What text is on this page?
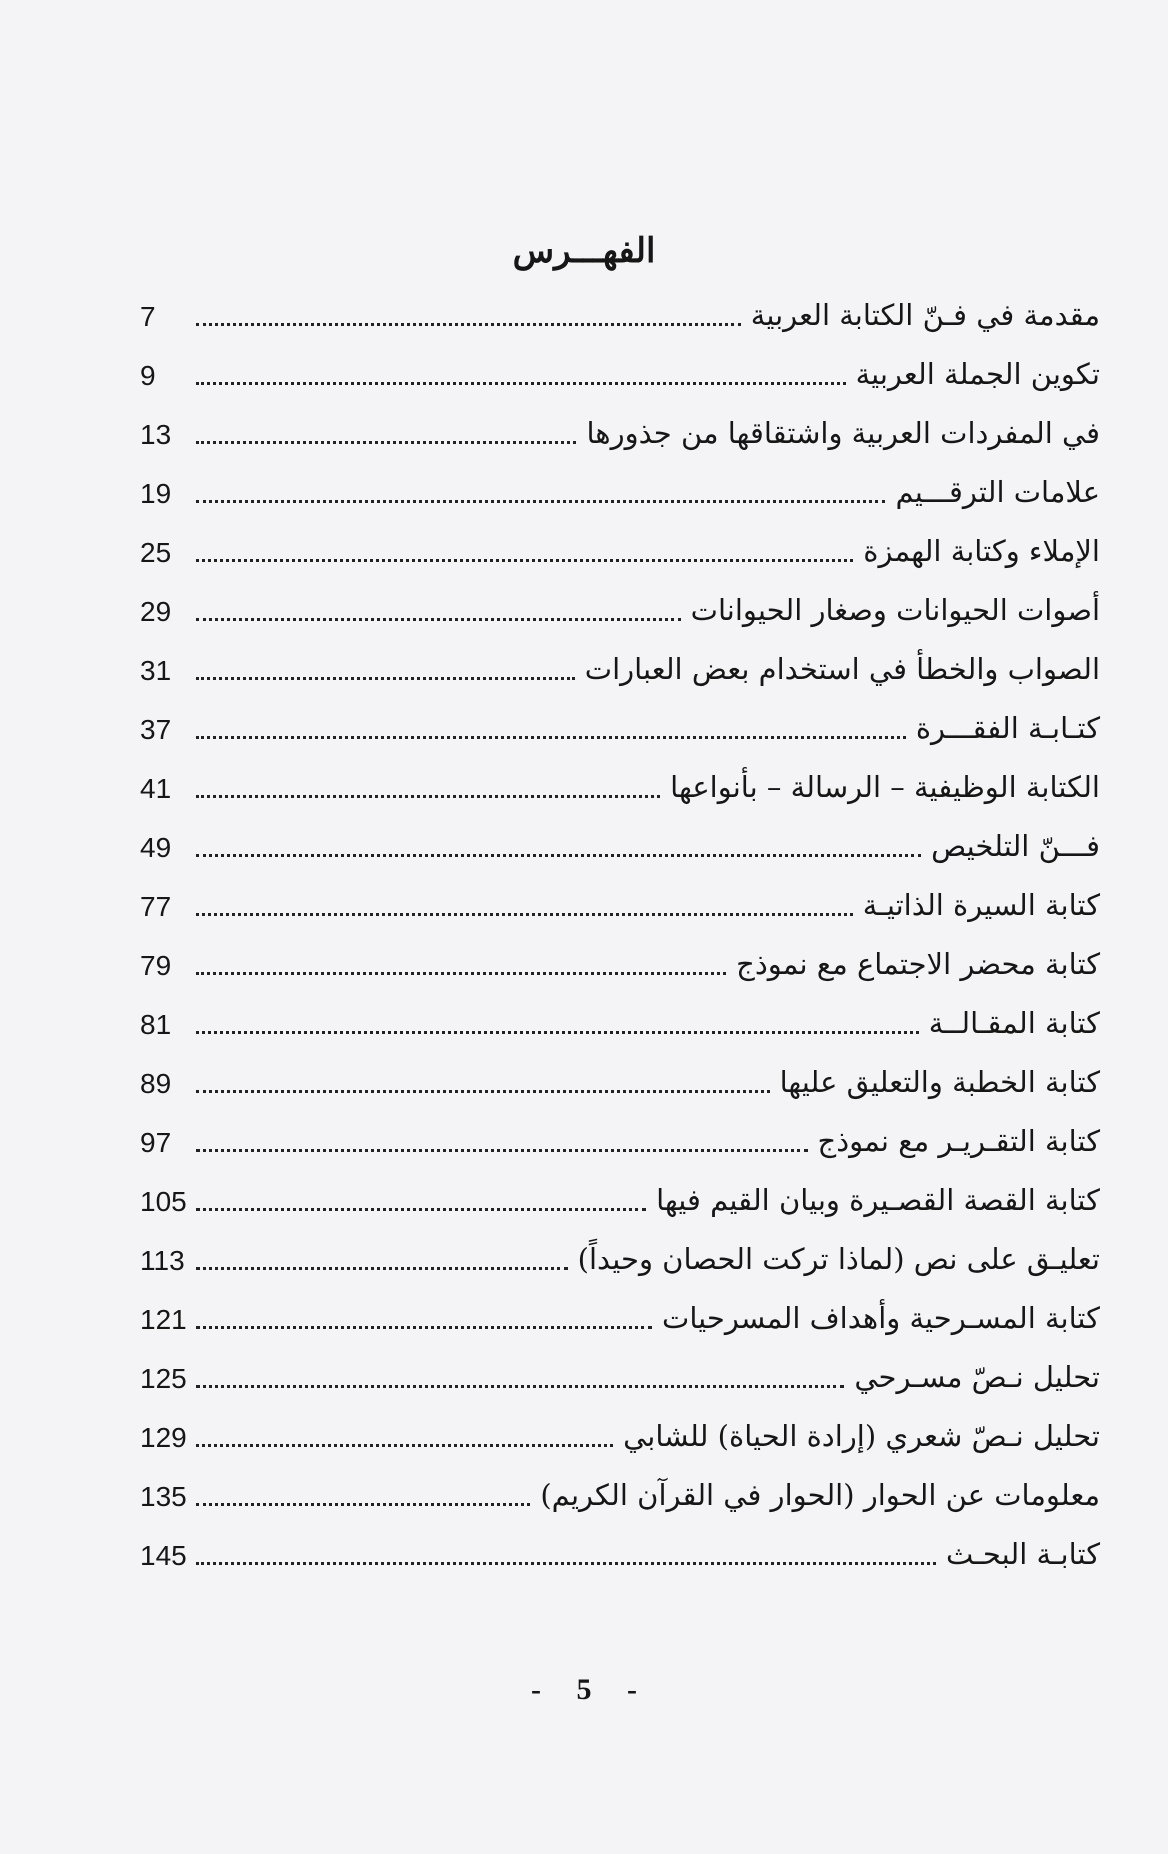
الفهـــرس
7	مقدمة في فـنّ الكتابة العربية
9	تكوين الجملة العربية
13	في المفردات العربية واشتقاقها من جذورها
19	علامات الترقـــيم
25	الإملاء وكتابة الهمزة
29	أصوات الحيوانات وصغار الحيوانات
31	الصواب والخطأ في استخدام بعض العبارات
37	كتـابـة الفقـــرة
41	الكتابة الوظيفية – الرسالة – بأنواعها
49	فـــنّ التلخيص
77	كتابة السيرة الذاتيـة
79	كتابة محضر الاجتماع مع نموذج
81	كتابة المقـالــة
89	كتابة الخطبة والتعليق عليها
97	كتابة التقـريـر مع نموذج
105	كتابة القصة القصـيرة وبيان القيم فيها
113	تعليـق على نص (لماذا تركت الحصان وحيداً)
121	كتابة المسـرحية وأهداف المسرحيات
125	تحليل نـصّ مسـرحي
129	تحليل نـصّ شعري (إرادة الحياة) للشابي
135	معلومات عن الحوار (الحوار في القرآن الكريم)
145	كتابـة البحـث
- 5 -
